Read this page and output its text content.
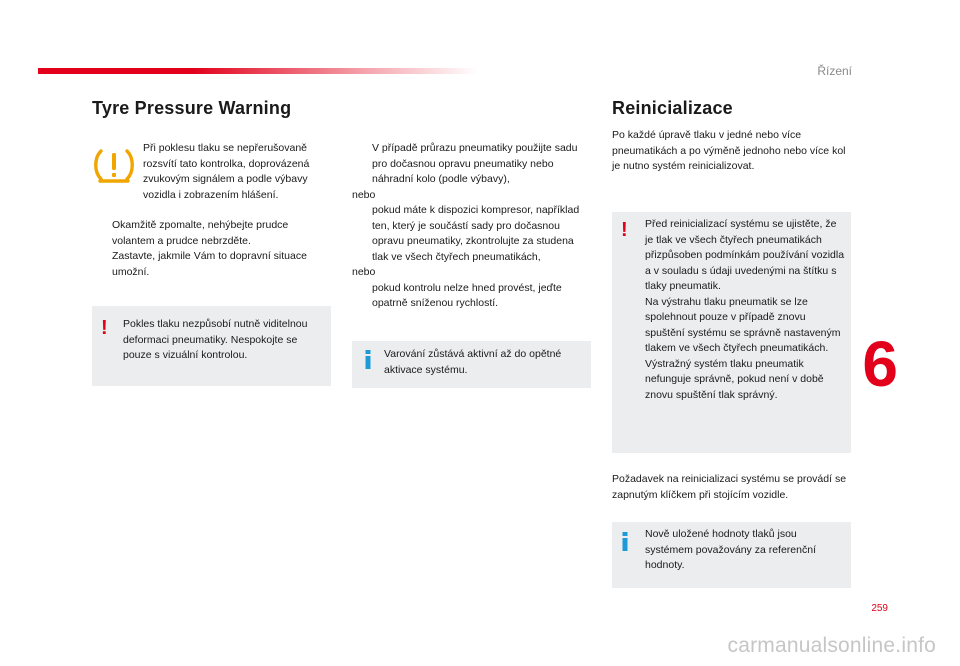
Řízení
Tyre Pressure Warning
Při poklesu tlaku se nepřerušovaně rozsvítí tato kontrolka, doprovázená zvukovým signálem a podle výbavy vozidla i zobrazením hlášení.
Okamžitě zpomalte, nehýbejte prudce volantem a prudce nebrzděte.
Zastavte, jakmile Vám to dopravní situace umožní.
! Pokles tlaku nezpůsobí nutně viditelnou deformaci pneumatiky. Nespokojte se pouze s vizuální kontrolou.
V případě průrazu pneumatiky použijte sadu pro dočasnou opravu pneumatiky nebo náhradní kolo (podle výbavy),
nebo
pokud máte k dispozici kompresor, například ten, který je součástí sady pro dočasnou opravu pneumatiky, zkontrolujte za studena tlak ve všech čtyřech pneumatikách,
nebo
pokud kontrolu nelze hned provést, jeďte opatrně sníženou rychlostí.
Varování zůstává aktivní až do opětné aktivace systému.
Reinicializace
Po každé úpravě tlaku v jedné nebo více pneumatikách a po výměně jednoho nebo více kol je nutno systém reinicializovat.
! Před reinicializací systému se ujistěte, že je tlak ve všech čtyřech pneumatikách přizpůsoben podmínkám používání vozidla a v souladu s údaji uvedenými na štítku s tlaky pneumatik.
Na výstrahu tlaku pneumatik se lze spolehnout pouze v případě znovu spuštění systému se správně nastaveným tlakem ve všech čtyřech pneumatikách.
Výstražný systém tlaku pneumatik nefunguje správně, pokud není v době znovu spuštění tlak správný.
Požadavek na reinicializaci systému se provádí se zapnutým klíčkem při stojícím vozidle.
Nově uložené hodnoty tlaků jsou systémem považovány za referenční hodnoty.
6
259
carmanualsonline.info
